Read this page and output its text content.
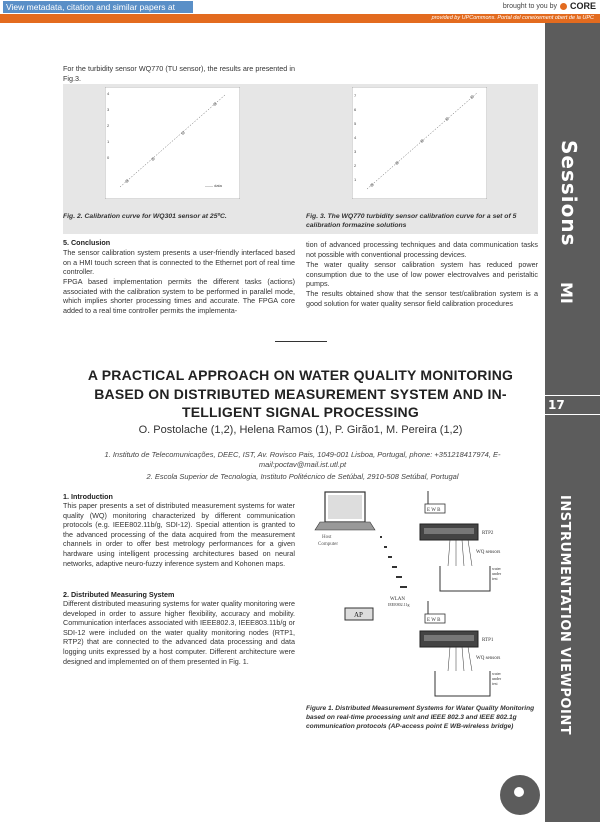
View metadata, citation and similar papers at	brought to you by CORE
provided by UPCommons. Portal del coneixement obert de la UPC
Sessions
MI
17
INSTRUMENTATION VIEWPOINT
For the turbidity sensor WQ770 (TU sensor), the results are presented in Fig.3.
4
3
2
1
0
—— data
7
6
5
4
3
2
1
Fig. 2. Calibration curve for WQ301 sensor at 25ºC.	Fig. 3. The WQ770 turbidity sensor calibration curve for a set of 5 calibration formazine solutions
5. Conclusion
The sensor calibration system presents a user-friendly interfaced based on a HMI touch screen that is connected to the Ethernet port of real time controller.
FPGA based implementation permits the different tasks (actions) associated with the calibration system to be performed in parallel mode, which implies shorter processing times and accurate. The FPGA core added to a real time controller permits the implementa-
tion of advanced processing techniques and data communication tasks not possible with conventional processing devices.
The water quality sensor calibration system has reduced power consumption due to the use of low power electrovalves and peristaltic pumps.
The results obtained show that the sensor test/calibration system is a good solution for water quality sensor field calibration procedures
A PRACTICAL APPROACH ON WATER QUALITY MONITORING
BASED ON DISTRIBUTED MEASUREMENT SYSTEM AND IN-
TELLIGENT SIGNAL PROCESSING
O. Postolache (1,2), Helena Ramos (1), P. Girão1, M. Pereira (1,2)
1. Instituto de Telecomunicações, DEEC, IST, Av. Rovisco Pais, 1049-001 Lisboa, Portugal, phone: +351218417974, E-
mail:poctav@mail.ist.utl.pt
2. Escola Superior de Tecnologia, Instituto Politécnico de Setúbal, 2910-508 Setúbal, Portugal
1. Introduction
This paper presents a set of distributed measurement systems for water quality (WQ) monitoring characterized by different communication protocols (e.g. IEEE802.11b/g, SDI-12). Special attention is granted to the advanced processing of the data acquired from the measurement channels in order to offer best metrology performances for a given hardware using intelligent processing architectures based on neural networks, adaptive neuro-fuzzy inference system and Kohonen maps.
2. Distributed Measuring System
Different distributed measuring systems for water quality monitoring were developed in order to assure higher flexibility, accuracy and mobility. Communication interfaces associated with IEEE802.3, IEEE803.11b/g or SDI-12 were included on the water quality monitoring nodes (RTP1, RTP2) that are connected to the advanced data processing and data logging units expressed by a host computer. Different architecture were designed and implemented on of them presented in Fig. 1.
Host
Computer
E W B
RTP2
WQ sensors
water
under
test
AP
WLAN
IEEE802.11g
E W B
RTP1
WQ sensors
water
under
test
Figure 1. Distributed Measurement Systems for Water Quality Monitoring based on real-time processing unit and IEEE 802.3 and IEEE 802.1g communication protocols (AP-access point E WB-wireless bridge)
